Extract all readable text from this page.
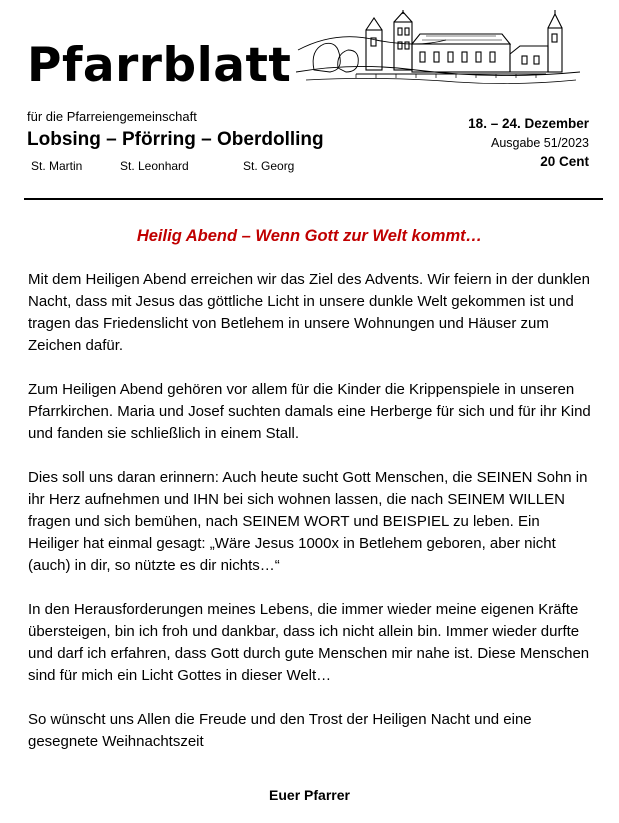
Pfarrblatt
für die Pfarreiengemeinschaft
Lobsing – Pförring – Oberdolling
St. Martin	St. Leonhard	St. Georg
18. – 24. Dezember
Ausgabe 51/2023
20 Cent
Heilig Abend – Wenn Gott zur Welt kommt…

Mit dem Heiligen Abend erreichen wir das Ziel des Advents. Wir feiern in der dunklen Nacht, dass mit Jesus das göttliche Licht in unsere dunkle Welt gekommen ist und tragen das Friedenslicht von Betlehem in unsere Wohnungen und Häuser zum Zeichen dafür.

Zum Heiligen Abend gehören vor allem für die Kinder die Krippenspiele in unseren Pfarrkirchen. Maria und Josef suchten damals eine Herberge für sich und für ihr Kind und fanden sie schließlich in einem Stall.

Dies soll uns daran erinnern: Auch heute sucht Gott Menschen, die SEINEN Sohn in ihr Herz aufnehmen und IHN bei sich wohnen lassen, die nach SEINEM WILLEN fragen und sich bemühen, nach SEINEM WORT und BEISPIEL zu leben. Ein Heiliger hat einmal gesagt: „Wäre Jesus 1000x in Betlehem geboren, aber nicht (auch) in dir, so nützte es dir nichts…“

In den Herausforderungen meines Lebens, die immer wieder meine eigenen Kräfte übersteigen, bin ich froh und dankbar, dass ich nicht allein bin. Immer wieder durfte und darf ich erfahren, dass Gott durch gute Menschen mir nahe ist. Diese Menschen sind für mich ein Licht Gottes in dieser Welt…

So wünscht uns Allen die Freude und den Trost der Heiligen Nacht und eine gesegnete Weihnachtszeit

Euer Pfarrer
